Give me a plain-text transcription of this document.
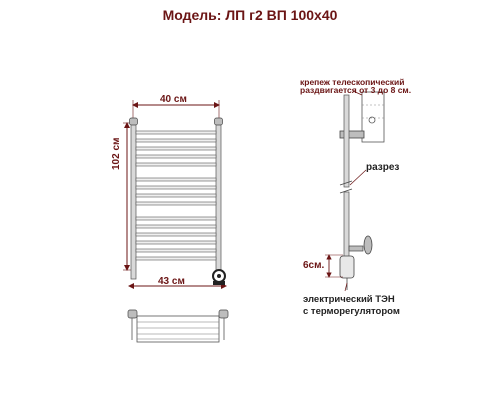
Модель: ЛП г2 ВП 100х40
40 см
102 см
43 см
6см.
крепеж телескопический
раздвигается от 3 до 8 см.
разрез
электрический ТЭН
с терморегулятором
